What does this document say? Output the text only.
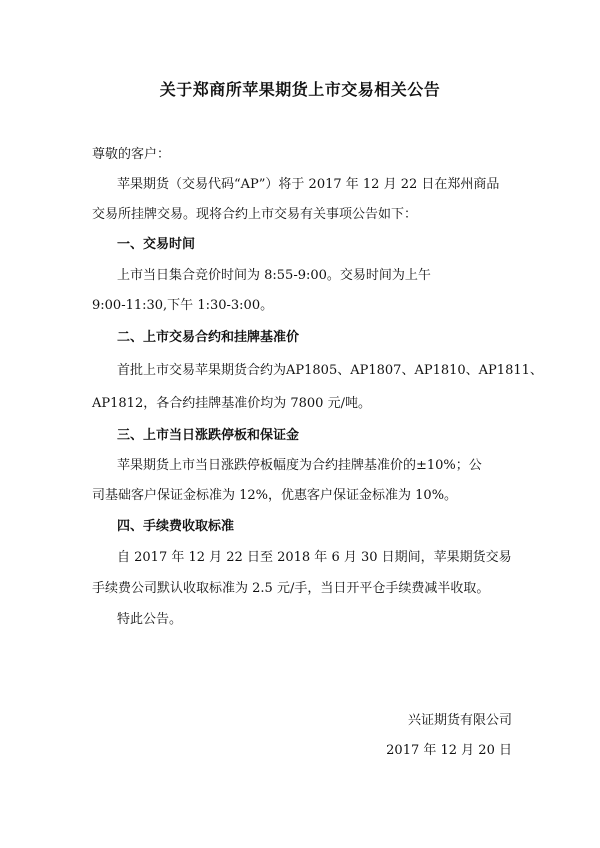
关于郑商所苹果期货上市交易相关公告
尊敬的客户：
苹果期货（交易代码“AP”）将于 2017 年 12 月 22 日在郑州商品
交易所挂牌交易。现将合约上市交易有关事项公告如下：
一、交易时间
上市当日集合竞价时间为 8:55-9:00。交易时间为上午
9:00-11:30,下午 1:30-3:00。
二、上市交易合约和挂牌基准价
首批上市交易苹果期货合约为AP1805、AP1807、AP1810、AP1811、
AP1812，各合约挂牌基准价均为 7800 元/吨。
三、上市当日涨跌停板和保证金
苹果期货上市当日涨跌停板幅度为合约挂牌基准价的±10%；公
司基础客户保证金标准为 12%，优惠客户保证金标准为 10%。
四、手续费收取标准
自 2017 年 12 月 22 日至 2018 年 6 月 30 日期间，苹果期货交易
手续费公司默认收取标准为 2.5 元/手，当日开平仓手续费减半收取。
特此公告。
兴证期货有限公司
2017 年 12 月 20 日
